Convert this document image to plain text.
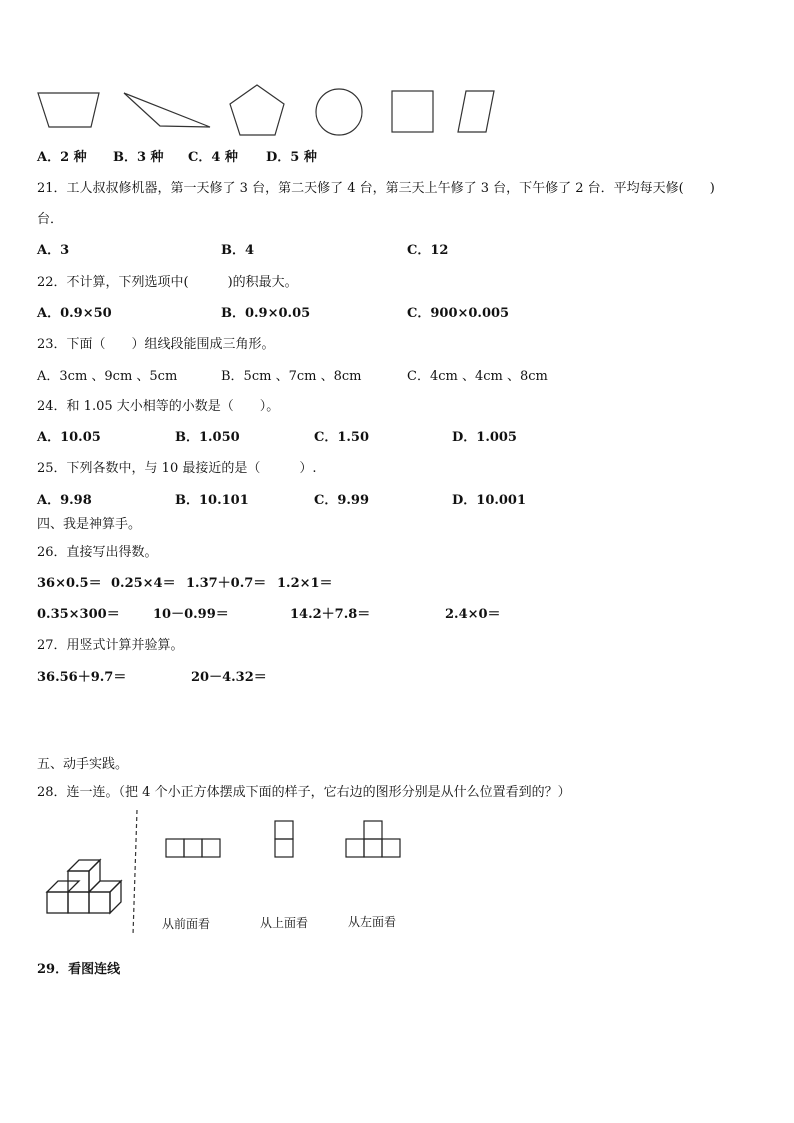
A．2 种 B．3 种 C．4 种 D．5 种
21．工人叔叔修机器，第一天修了 3 台，第二天修了 4 台，第三天上午修了 3 台，下午修了 2 台．平均每天修(　　)
台．
A．3	B．4	C．12
22．不计算，下列选项中(　　　)的积最大。
A．0.9×50	B．0.9×0.05	C．900×0.005
23．下面（　　）组线段能围成三角形。
A．3cm 、9cm 、5cm	B．5cm 、7cm 、8cm	C．4cm 、4cm 、8cm
24．和 1.05 大小相等的小数是（　　）。
A．10.05	B．1.050	C．1.50	D．1.005
25．下列各数中，与 10 最接近的是（　　　）.
A．9.98	B．10.101	C．9.99	D．10.001
四、我是神算手。
26．直接写出得数。
36×0.5＝ 0.25×4＝ 1.37＋0.7＝ 1.2×1＝
0.35×300＝	10－0.99＝	14.2＋7.8＝	2.4×0＝
27．用竖式计算并验算。
36.56＋9.7＝	20－4.32＝
五、动手实践。
28．连一连。（把 4 个小正方体摆成下面的样子，它右边的图形分别是从什么位置看到的？）
从前面看	从上面看	从左面看
29．看图连线
